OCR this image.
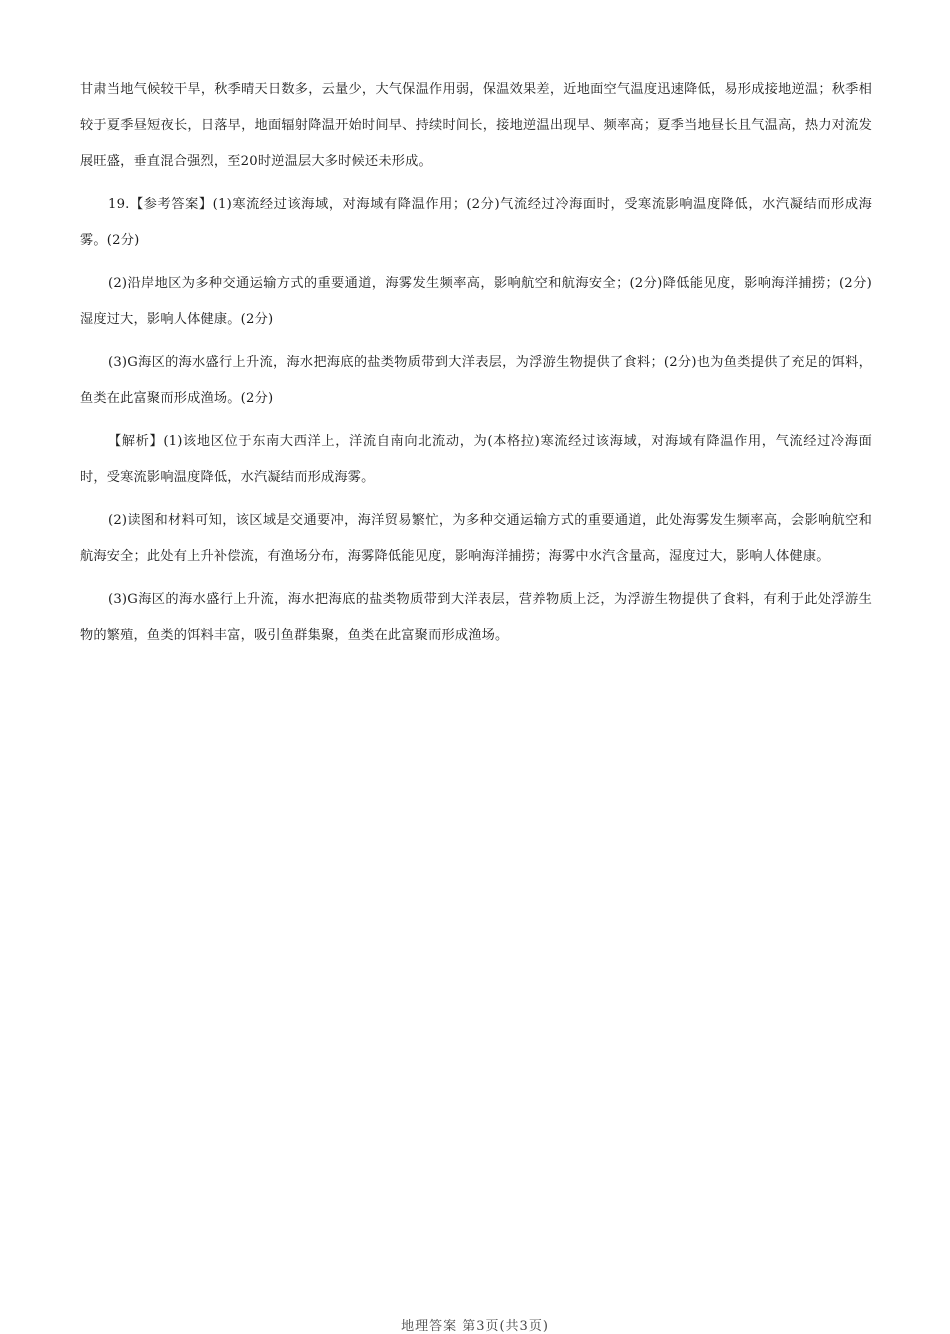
甘肃当地气候较干旱，秋季晴天日数多，云量少，大气保温作用弱，保温效果差，近地面空气温度迅速降低，易形成接地逆温；秋季相较于夏季昼短夜长，日落早，地面辐射降温开始时间早、持续时间长，接地逆温出现早、频率高；夏季当地昼长且气温高，热力对流发展旺盛，垂直混合强烈，至20时逆温层大多时候还未形成。

19.【参考答案】(1)寒流经过该海域，对海域有降温作用；(2分)气流经过冷海面时，受寒流影响温度降低，水汽凝结而形成海雾。(2分)

(2)沿岸地区为多种交通运输方式的重要通道，海雾发生频率高，影响航空和航海安全；(2分)降低能见度，影响海洋捕捞；(2分)湿度过大，影响人体健康。(2分)

(3)G海区的海水盛行上升流，海水把海底的盐类物质带到大洋表层，为浮游生物提供了食料；(2分)也为鱼类提供了充足的饵料，鱼类在此富聚而形成渔场。(2分)

【解析】(1)该地区位于东南大西洋上，洋流自南向北流动，为(本格拉)寒流经过该海域，对海域有降温作用，气流经过冷海面时，受寒流影响温度降低，水汽凝结而形成海雾。

(2)读图和材料可知，该区域是交通要冲，海洋贸易繁忙，为多种交通运输方式的重要通道，此处海雾发生频率高，会影响航空和航海安全；此处有上升补偿流，有渔场分布，海雾降低能见度，影响海洋捕捞；海雾中水汽含量高，湿度过大，影响人体健康。

(3)G海区的海水盛行上升流，海水把海底的盐类物质带到大洋表层，营养物质上泛，为浮游生物提供了食料，有利于此处浮游生物的繁殖，鱼类的饵料丰富，吸引鱼群集聚，鱼类在此富聚而形成渔场。

地理答案 第3页(共3页)
